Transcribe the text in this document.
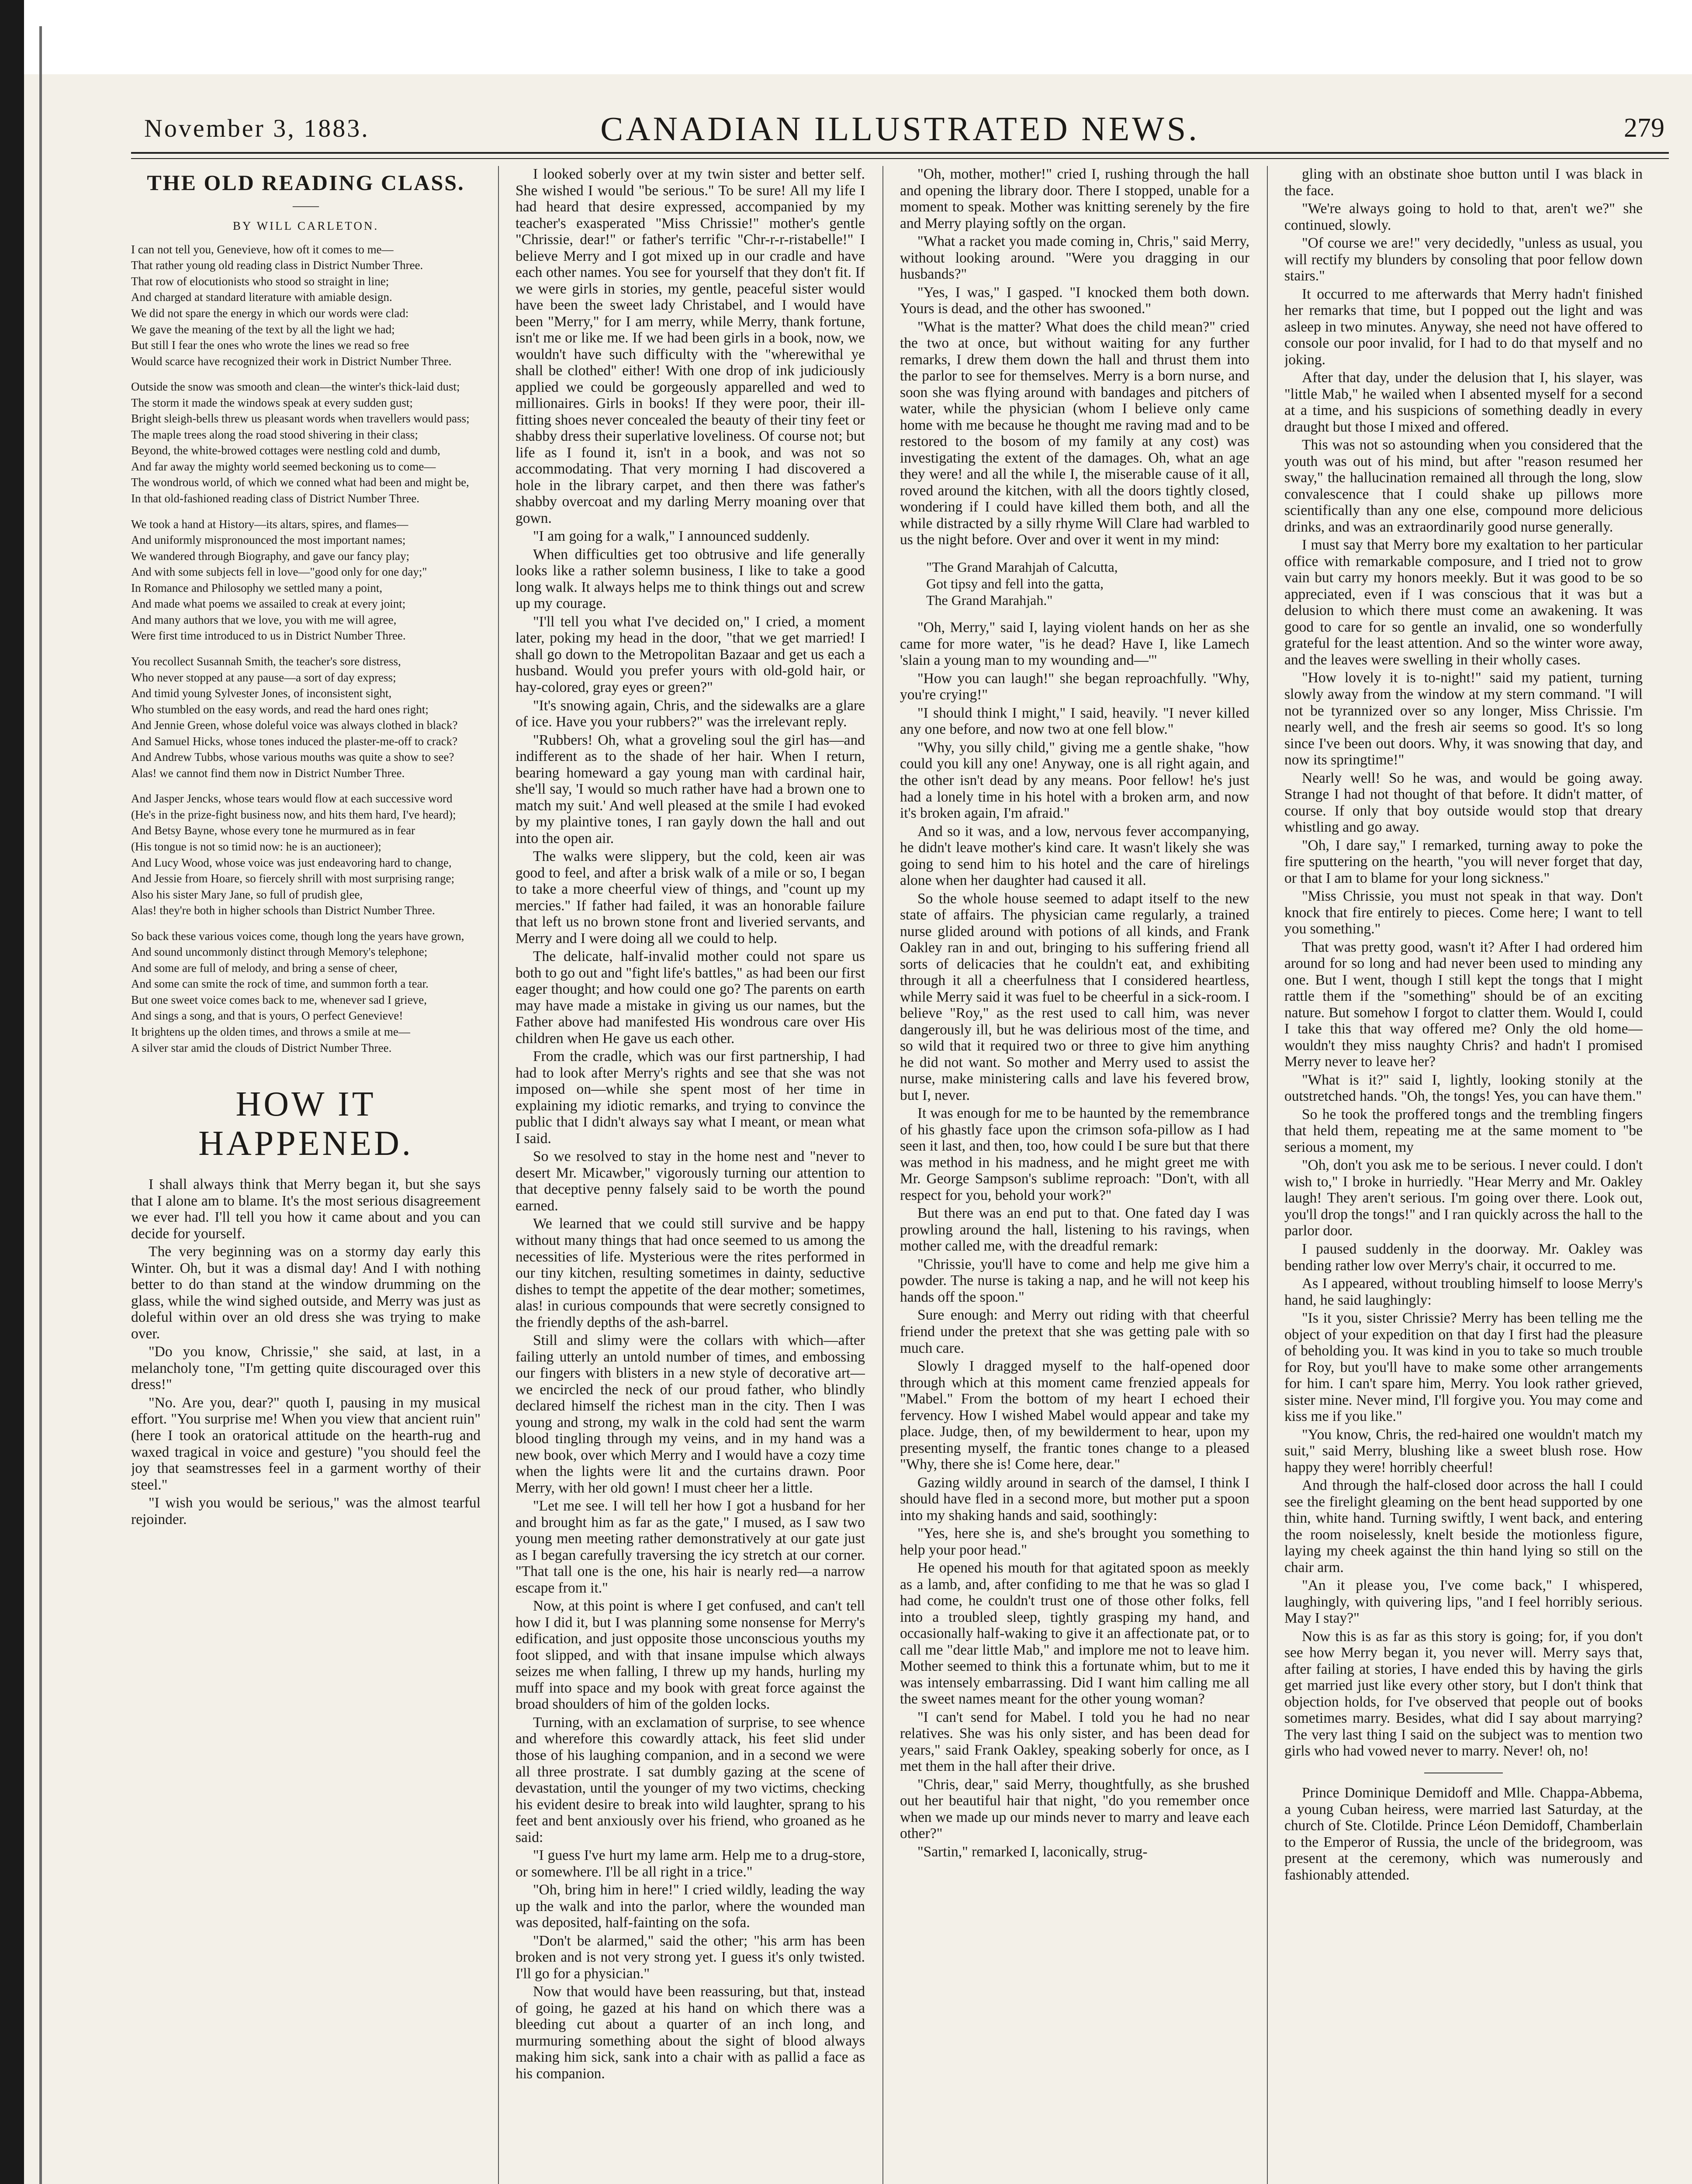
November 3, 1883.	CANADIAN ILLUSTRATED NEWS.	279
THE OLD READING CLASS.
——
BY WILL CARLETON.
I can not tell you, Genevieve, how oft it comes to me—
That rather young old reading class in District Number Three.
That row of elocutionists who stood so straight in line;
And charged at standard literature with amiable design.
We did not spare the energy in which our words were clad:
We gave the meaning of the text by all the light we had;
But still I fear the ones who wrote the lines we read so free
Would scarce have recognized their work in District Number Three.
Outside the snow was smooth and clean—the winter's thick-laid dust;
The storm it made the windows speak at every sudden gust;
Bright sleigh-bells threw us pleasant words when travellers would pass;
The maple trees along the road stood shivering in their class;
Beyond, the white-browed cottages were nestling cold and dumb,
And far away the mighty world seemed beckoning us to come—
The wondrous world, of which we conned what had been and might be,
In that old-fashioned reading class of District Number Three.
We took a hand at History—its altars, spires, and flames—
And uniformly mispronounced the most important names;
We wandered through Biography, and gave our fancy play;
And with some subjects fell in love—"good only for one day;"
In Romance and Philosophy we settled many a point,
And made what poems we assailed to creak at every joint;
And many authors that we love, you with me will agree,
Were first time introduced to us in District Number Three.
You recollect Susannah Smith, the teacher's sore distress,
Who never stopped at any pause—a sort of day express;
And timid young Sylvester Jones, of inconsistent sight,
Who stumbled on the easy words, and read the hard ones right;
And Jennie Green, whose doleful voice was always clothed in black?
And Samuel Hicks, whose tones induced the plaster-me-off to crack?
And Andrew Tubbs, whose various mouths was quite a show to see?
Alas! we cannot find them now in District Number Three.
And Jasper Jencks, whose tears would flow at each successive word
(He's in the prize-fight business now, and hits them hard, I've heard);
And Betsy Bayne, whose every tone he murmured as in fear
(His tongue is not so timid now: he is an auctioneer);
And Lucy Wood, whose voice was just endeavoring hard to change,
And Jessie from Hoare, so fiercely shrill with most surprising range;
Also his sister Mary Jane, so full of prudish glee,
Alas! they're both in higher schools than District Number Three.
So back these various voices come, though long the years have grown,
And sound uncommonly distinct through Memory's telephone;
And some are full of melody, and bring a sense of cheer,
And some can smite the rock of time, and summon forth a tear.
But one sweet voice comes back to me, whenever sad I grieve,
And sings a song, and that is yours, O perfect Genevieve!
It brightens up the olden times, and throws a smile at me—
A silver star amid the clouds of District Number Three.
HOW IT HAPPENED.

I shall always think that Merry began it, but she says that I alone am to blame. It's the most serious disagreement we ever had. I'll tell you how it came about and you can decide for yourself.

The very beginning was on a stormy day early this Winter. Oh, but it was a dismal day! And I with nothing better to do than stand at the window drumming on the glass, while the wind sighed outside, and Merry was just as doleful within over an old dress she was trying to make over.

"Do you know, Chrissie," she said, at last, in a melancholy tone, "I'm getting quite discouraged over this dress!"

"No. Are you, dear?" quoth I, pausing in my musical effort. "You surprise me! When you view that ancient ruin" (here I took an oratorical attitude on the hearth-rug and waxed tragical in voice and gesture) "you should feel the joy that seamstresses feel in a garment worthy of their steel."

"I wish you would be serious," was the almost tearful rejoinder.

I looked soberly over at my twin sister and better self. She wished I would "be serious." To be sure! All my life I had heard that desire expressed, accompanied by my teacher's exasperated "Miss Chrissie!" mother's gentle "Chrissie, dear!" or father's terrific "Chr-r-r-ristabelle!" I believe Merry and I got mixed up in our cradle and have each other names. You see for yourself that they don't fit. If we were girls in stories, my gentle, peaceful sister would have been the sweet lady Christabel, and I would have been "Merry," for I am merry, while Merry, thank fortune, isn't me or like me. If we had been girls in a book, now, we wouldn't have such difficulty with the "wherewithal ye shall be clothed" either! With one drop of ink judiciously applied we could be gorgeously apparelled and wed to millionaires. Girls in books! If they were poor, their ill-fitting shoes never concealed the beauty of their tiny feet or shabby dress their superlative loveliness. Of course not; but life as I found it, isn't in a book, and was not so accommodating. That very morning I had discovered a hole in the library carpet, and then there was father's shabby overcoat and my darling Merry moaning over that gown.

"I am going for a walk," I announced suddenly.

When difficulties get too obtrusive and life generally looks like a rather solemn business, I like to take a good long walk. It always helps me to think things out and screw up my courage.

"I'll tell you what I've decided on," I cried, a moment later, poking my head in the door, "that we get married! I shall go down to the Metropolitan Bazaar and get us each a husband. Would you prefer yours with old-gold hair, or hay-colored, gray eyes or green?"

"It's snowing again, Chris, and the sidewalks are a glare of ice. Have you your rubbers?" was the irrelevant reply.

"Rubbers! Oh, what a groveling soul the girl has—and indifferent as to the shade of her hair. When I return, bearing homeward a gay young man with cardinal hair, she'll say, 'I would so much rather have had a brown one to match my suit.' And well pleased at the smile I had evoked by my plaintive tones, I ran gayly down the hall and out into the open air.

The walks were slippery, but the cold, keen air was good to feel, and after a brisk walk of a mile or so, I began to take a more cheerful view of things, and "count up my mercies." If father had failed, it was an honorable failure that left us no brown stone front and liveried servants, and Merry and I were doing all we could to help.

The delicate, half-invalid mother could not spare us both to go out and "fight life's battles," as had been our first eager thought; and how could one go? The parents on earth may have made a mistake in giving us our names, but the Father above had manifested His wondrous care over His children when He gave us each other.

From the cradle, which was our first partnership, I had had to look after Merry's rights and see that she was not imposed on—while she spent most of her time in explaining my idiotic remarks, and trying to convince the public that I didn't always say what I meant, or mean what I said.

So we resolved to stay in the home nest and "never to desert Mr. Micawber," vigorously turning our attention to that deceptive penny falsely said to be worth the pound earned.

We learned that we could still survive and be happy without many things that had once seemed to us among the necessities of life. Mysterious were the rites performed in our tiny kitchen, resulting sometimes in dainty, seductive dishes to tempt the appetite of the dear mother; sometimes, alas! in curious compounds that were secretly consigned to the friendly depths of the ash-barrel.

Still and slimy were the collars with which—after failing utterly an untold number of times, and embossing our fingers with blisters in a new style of decorative art—we encircled the neck of our proud father, who blindly declared himself the richest man in the city. Then I was young and strong, my walk in the cold had sent the warm blood tingling through my veins, and in my hand was a new book, over which Merry and I would have a cozy time when the lights were lit and the curtains drawn. Poor Merry, with her old gown! I must cheer her a little.

"Let me see. I will tell her how I got a husband for her and brought him as far as the gate," I mused, as I saw two young men meeting rather demonstratively at our gate just as I began carefully traversing the icy stretch at our corner. "That tall one is the one, his hair is nearly red—a narrow escape from it."

Now, at this point is where I get confused, and can't tell how I did it, but I was planning some nonsense for Merry's edification, and just opposite those unconscious youths my foot slipped, and with that insane impulse which always seizes me when falling, I threw up my hands, hurling my muff into space and my book with great force against the broad shoulders of him of the golden locks.

Turning, with an exclamation of surprise, to see whence and wherefore this cowardly attack, his feet slid under those of his laughing companion, and in a second we were all three prostrate. I sat dumbly gazing at the scene of devastation, until the younger of my two victims, checking his evident desire to break into wild laughter, sprang to his feet and bent anxiously over his friend, who groaned as he said:

"I guess I've hurt my lame arm. Help me to a drug-store, or somewhere. I'll be all right in a trice."

"Oh, bring him in here!" I cried wildly, leading the way up the walk and into the parlor, where the wounded man was deposited, half-fainting on the sofa.

"Don't be alarmed," said the other; "his arm has been broken and is not very strong yet. I guess it's only twisted. I'll go for a physician."

Now that would have been reassuring, but that, instead of going, he gazed at his hand on which there was a bleeding cut about a quarter of an inch long, and murmuring something about the sight of blood always making him sick, sank into a chair with as pallid a face as his companion.

"Oh, mother, mother!" cried I, rushing through the hall and opening the library door. There I stopped, unable for a moment to speak. Mother was knitting serenely by the fire and Merry playing softly on the organ.

"What a racket you made coming in, Chris," said Merry, without looking around. "Were you dragging in our husbands?"

"Yes, I was," I gasped. "I knocked them both down. Yours is dead, and the other has swooned."

"What is the matter? What does the child mean?" cried the two at once, but without waiting for any further remarks, I drew them down the hall and thrust them into the parlor to see for themselves. Merry is a born nurse, and soon she was flying around with bandages and pitchers of water, while the physician (whom I believe only came home with me because he thought me raving mad and to be restored to the bosom of my family at any cost) was investigating the extent of the damages. Oh, what an age they were! and all the while I, the miserable cause of it all, roved around the kitchen, with all the doors tightly closed, wondering if I could have killed them both, and all the while distracted by a silly rhyme Will Clare had warbled to us the night before. Over and over it went in my mind:

"The Grand Marahjah of Calcutta,
Got tipsy and fell into the gatta,
The Grand Marahjah."

"Oh, Merry," said I, laying violent hands on her as she came for more water, "is he dead? Have I, like Lamech 'slain a young man to my wounding and—'"

"How you can laugh!" she began reproachfully. "Why, you're crying!"

"I should think I might," I said, heavily. "I never killed any one before, and now two at one fell blow."

"Why, you silly child," giving me a gentle shake, "how could you kill any one! Anyway, one is all right again, and the other isn't dead by any means. Poor fellow! he's just had a lonely time in his hotel with a broken arm, and now it's broken again, I'm afraid."

And so it was, and a low, nervous fever accompanying, he didn't leave mother's kind care. It wasn't likely she was going to send him to his hotel and the care of hirelings alone when her daughter had caused it all.

So the whole house seemed to adapt itself to the new state of affairs. The physician came regularly, a trained nurse glided around with potions of all kinds, and Frank Oakley ran in and out, bringing to his suffering friend all sorts of delicacies that he couldn't eat, and exhibiting through it all a cheerfulness that I considered heartless, while Merry said it was fuel to be cheerful in a sick-room. I believe "Roy," as the rest used to call him, was never dangerously ill, but he was delirious most of the time, and so wild that it required two or three to give him anything he did not want. So mother and Merry used to assist the nurse, make ministering calls and lave his fevered brow, but I, never.

It was enough for me to be haunted by the remembrance of his ghastly face upon the crimson sofa-pillow as I had seen it last, and then, too, how could I be sure but that there was method in his madness, and he might greet me with Mr. George Sampson's sublime reproach: "Don't, with all respect for you, behold your work?"

But there was an end put to that. One fated day I was prowling around the hall, listening to his ravings, when mother called me, with the dreadful remark:

"Chrissie, you'll have to come and help me give him a powder. The nurse is taking a nap, and he will not keep his hands off the spoon."

Sure enough: and Merry out riding with that cheerful friend under the pretext that she was getting pale with so much care.

Slowly I dragged myself to the half-opened door through which at this moment came frenzied appeals for "Mabel." From the bottom of my heart I echoed their fervency. How I wished Mabel would appear and take my place. Judge, then, of my bewilderment to hear, upon my presenting myself, the frantic tones change to a pleased "Why, there she is! Come here, dear."

Gazing wildly around in search of the damsel, I think I should have fled in a second more, but mother put a spoon into my shaking hands and said, soothingly:

"Yes, here she is, and she's brought you something to help your poor head."

He opened his mouth for that agitated spoon as meekly as a lamb, and, after confiding to me that he was so glad I had come, he couldn't trust one of those other folks, fell into a troubled sleep, tightly grasping my hand, and occasionally half-waking to give it an affectionate pat, or to call me "dear little Mab," and implore me not to leave him. Mother seemed to think this a fortunate whim, but to me it was intensely embarrassing. Did I want him calling me all the sweet names meant for the other young woman?

"I can't send for Mabel. I told you he had no near relatives. She was his only sister, and has been dead for years," said Frank Oakley, speaking soberly for once, as I met them in the hall after their drive.

"Chris, dear," said Merry, thoughtfully, as she brushed out her beautiful hair that night, "do you remember once when we made up our minds never to marry and leave each other?"

"Sartin," remarked I, laconically, strug-

gling with an obstinate shoe button until I was black in the face.

"We're always going to hold to that, aren't we?" she continued, slowly.

"Of course we are!" very decidedly, "unless as usual, you will rectify my blunders by consoling that poor fellow down stairs."

It occurred to me afterwards that Merry hadn't finished her remarks that time, but I popped out the light and was asleep in two minutes. Anyway, she need not have offered to console our poor invalid, for I had to do that myself and no joking.

After that day, under the delusion that I, his slayer, was "little Mab," he wailed when I absented myself for a second at a time, and his suspicions of something deadly in every draught but those I mixed and offered.

This was not so astounding when you considered that the youth was out of his mind, but after "reason resumed her sway," the hallucination remained all through the long, slow convalescence that I could shake up pillows more scientifically than any one else, compound more delicious drinks, and was an extraordinarily good nurse generally.

I must say that Merry bore my exaltation to her particular office with remarkable composure, and I tried not to grow vain but carry my honors meekly. But it was good to be so appreciated, even if I was conscious that it was but a delusion to which there must come an awakening. It was good to care for so gentle an invalid, one so wonderfully grateful for the least attention. And so the winter wore away, and the leaves were swelling in their wholly cases.

"How lovely it is to-night!" said my patient, turning slowly away from the window at my stern command. "I will not be tyrannized over so any longer, Miss Chrissie. I'm nearly well, and the fresh air seems so good. It's so long since I've been out doors. Why, it was snowing that day, and now its springtime!"

Nearly well! So he was, and would be going away. Strange I had not thought of that before. It didn't matter, of course. If only that boy outside would stop that dreary whistling and go away.

"Oh, I dare say," I remarked, turning away to poke the fire sputtering on the hearth, "you will never forget that day, or that I am to blame for your long sickness."

"Miss Chrissie, you must not speak in that way. Don't knock that fire entirely to pieces. Come here; I want to tell you something."

That was pretty good, wasn't it? After I had ordered him around for so long and had never been used to minding any one. But I went, though I still kept the tongs that I might rattle them if the "something" should be of an exciting nature. But somehow I forgot to clatter them. Would I, could I take this that way offered me? Only the old home—wouldn't they miss naughty Chris? and hadn't I promised Merry never to leave her?

"What is it?" said I, lightly, looking stonily at the outstretched hands. "Oh, the tongs! Yes, you can have them."

So he took the proffered tongs and the trembling fingers that held them, repeating me at the same moment to "be serious a moment, my

"Oh, don't you ask me to be serious. I never could. I don't wish to," I broke in hurriedly. "Hear Merry and Mr. Oakley laugh! They aren't serious. I'm going over there. Look out, you'll drop the tongs!" and I ran quickly across the hall to the parlor door.

I paused suddenly in the doorway. Mr. Oakley was bending rather low over Merry's chair, it occurred to me.

As I appeared, without troubling himself to loose Merry's hand, he said laughingly:

"Is it you, sister Chrissie? Merry has been telling me the object of your expedition on that day I first had the pleasure of beholding you. It was kind in you to take so much trouble for Roy, but you'll have to make some other arrangements for him. I can't spare him, Merry. You look rather grieved, sister mine. Never mind, I'll forgive you. You may come and kiss me if you like."

"You know, Chris, the red-haired one wouldn't match my suit," said Merry, blushing like a sweet blush rose. How happy they were! horribly cheerful!

And through the half-closed door across the hall I could see the firelight gleaming on the bent head supported by one thin, white hand. Turning swiftly, I went back, and entering the room noiselessly, knelt beside the motionless figure, laying my cheek against the thin hand lying so still on the chair arm.

"An it please you, I've come back," I whispered, laughingly, with quivering lips, "and I feel horribly serious. May I stay?"

Now this is as far as this story is going; for, if you don't see how Merry began it, you never will. Merry says that, after failing at stories, I have ended this by having the girls get married just like every other story, but I don't think that objection holds, for I've observed that people out of books sometimes marry. Besides, what did I say about marrying? The very last thing I said on the subject was to mention two girls who had vowed never to marry. Never! oh, no!

Prince Dominique Demidoff and Mlle. Chappa-Abbema, a young Cuban heiress, were married last Saturday, at the church of Ste. Clotilde. Prince Léon Demidoff, Chamberlain to the Emperor of Russia, the uncle of the bridegroom, was present at the ceremony, which was numerously and fashionably attended.
